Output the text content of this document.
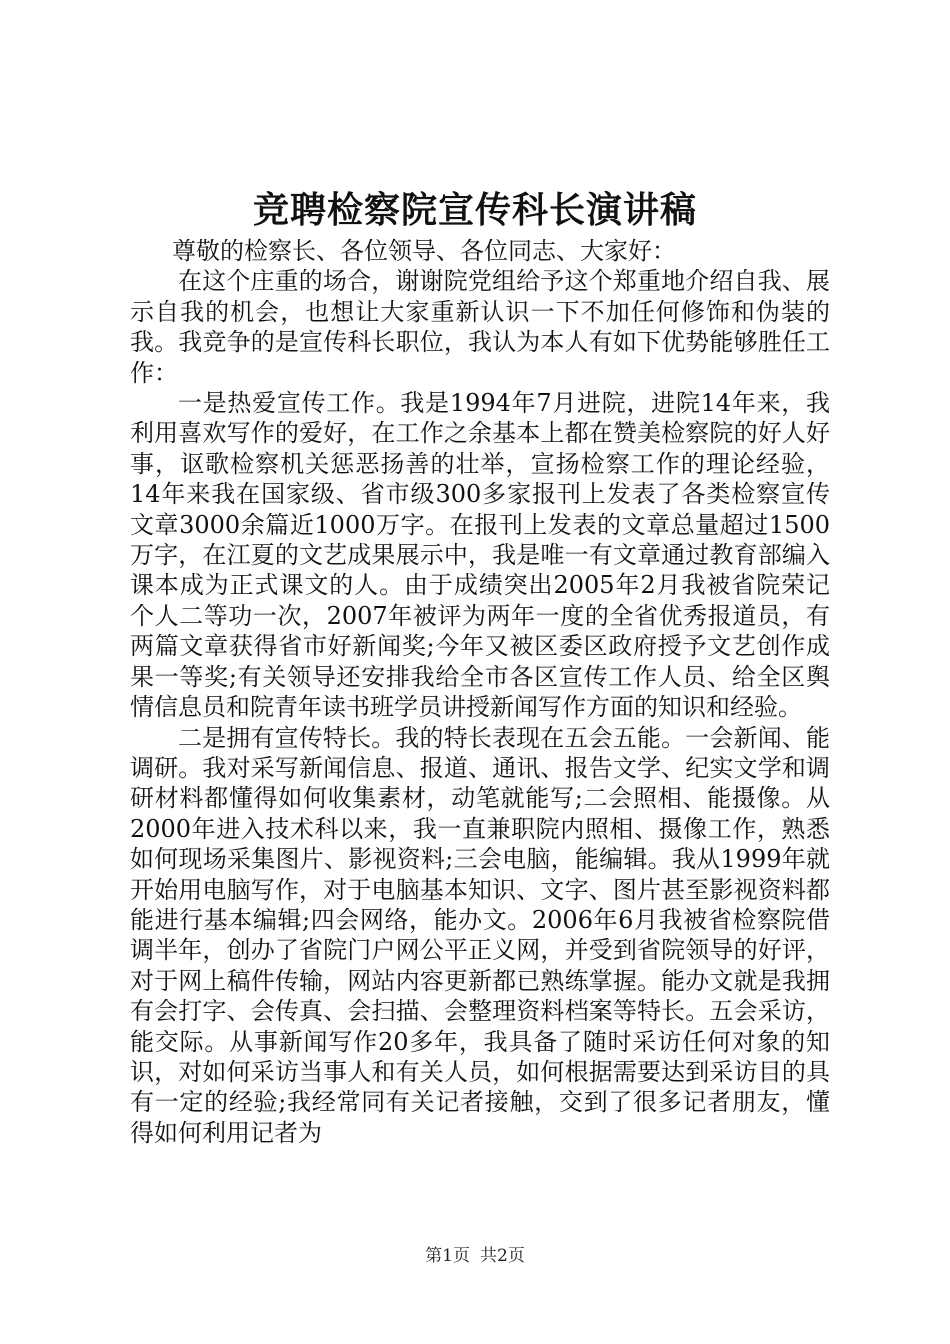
竞聘检察院宣传科长演讲稿

尊敬的检察长、各位领导、各位同志、大家好：

在这个庄重的场合，谢谢院党组给予这个郑重地介绍自我、展示自我的机会，也想让大家重新认识一下不加任何修饰和伪装的我。我竞争的是宣传科长职位，我认为本人有如下优势能够胜任工作：

一是热爱宣传工作。我是1994年7月进院，进院14年来，我利用喜欢写作的爱好，在工作之余基本上都在赞美检察院的好人好事，讴歌检察机关惩恶扬善的壮举，宣扬检察工作的理论经验，14年来我在国家级、省市级300多家报刊上发表了各类检察宣传文章3000余篇近1000万字。在报刊上发表的文章总量超过1500万字，在江夏的文艺成果展示中，我是唯一有文章通过教育部编入课本成为正式课文的人。由于成绩突出2005年2月我被省院荣记个人二等功一次，2007年被评为两年一度的全省优秀报道员，有两篇文章获得省市好新闻奖;今年又被区委区政府授予文艺创作成果一等奖;有关领导还安排我给全市各区宣传工作人员、给全区舆情信息员和院青年读书班学员讲授新闻写作方面的知识和经验。

二是拥有宣传特长。我的特长表现在五会五能。一会新闻、能调研。我对采写新闻信息、报道、通讯、报告文学、纪实文学和调研材料都懂得如何收集素材，动笔就能写;二会照相、能摄像。从2000年进入技术科以来，我一直兼职院内照相、摄像工作，熟悉如何现场采集图片、影视资料;三会电脑，能编辑。我从1999年就开始用电脑写作，对于电脑基本知识、文字、图片甚至影视资料都能进行基本编辑;四会网络，能办文。2006年6月我被省检察院借调半年，创办了省院门户网公平正义网，并受到省院领导的好评，对于网上稿件传输，网站内容更新都已熟练掌握。能办文就是我拥有会打字、会传真、会扫描、会整理资料档案等特长。五会采访，能交际。从事新闻写作20多年，我具备了随时采访任何对象的知识，对如何采访当事人和有关人员，如何根据需要达到采访目的具有一定的经验;我经常同有关记者接触，交到了很多记者朋友，懂得如何利用记者为

第1页 共2页
